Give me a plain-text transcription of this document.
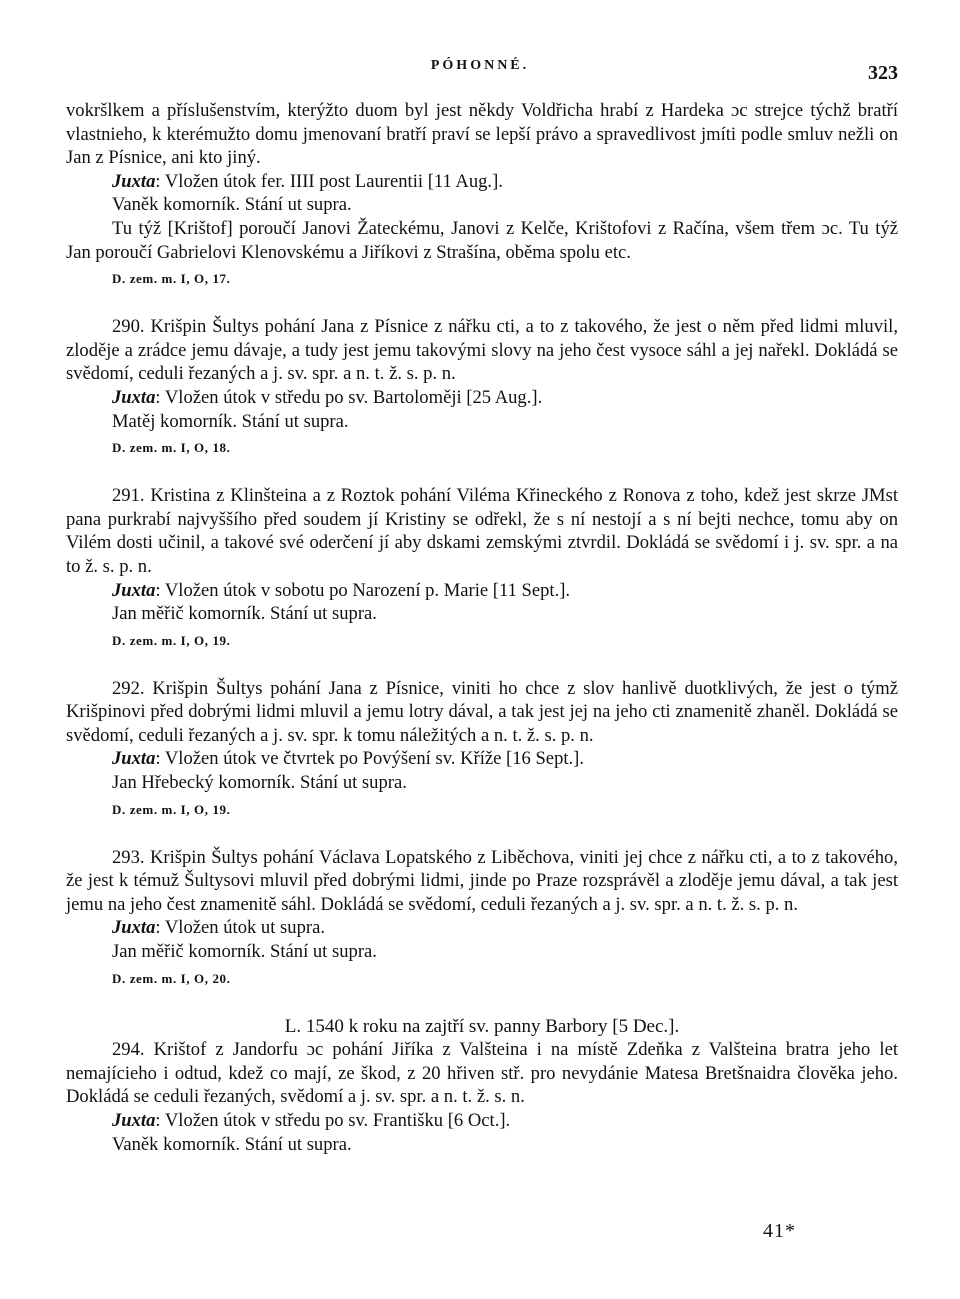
PÓHONNÉ.	323

vokršlkem a příslušenstvím, kterýžto duom byl jest někdy Voldřicha hrabí z Hardeka ɔc strejce týchž bratří vlastnieho, k kterémužto domu jmenovaní bratří praví se lepší právo a spravedlivost jmíti podle smluv nežli on Jan z Písnice, ani kto jiný.

Juxta: Vložen útok fer. IIII post Laurentii [11 Aug.].

Vaněk komorník. Stání ut supra.

Tu týž [Krištof] poroučí Janovi Žateckému, Janovi z Kelče, Krištofovi z Račína, všem třem ɔc. Tu týž Jan poroučí Gabrielovi Klenovskému a Jiříkovi z Strašína, oběma spolu etc.

D. zem. m. I, O, 17.

290. Krišpin Šultys pohání Jana z Písnice z nářku cti, a to z takového, že jest o něm před lidmi mluvil, zloděje a zrádce jemu dávaje, a tudy jest jemu takovými slovy na jeho čest vysoce sáhl a jej nařekl. Dokládá se svědomí, ceduli řezaných a j. sv. spr. a n. t. ž. s. p. n.

Juxta: Vložen útok v středu po sv. Bartoloměji [25 Aug.].

Matěj komorník. Stání ut supra.

D. zem. m. I, O, 18.

291. Kristina z Klinšteina a z Roztok pohání Viléma Křineckého z Ronova z toho, kdež jest skrze JMst pana purkrabí najvyššího před soudem jí Kristiny se odřekl, že s ní nestojí a s ní bejti nechce, tomu aby on Vilém dosti učinil, a takové své oderčení jí aby dskami zemskými ztvrdil. Dokládá se svědomí i j. sv. spr. a na to ž. s. p. n.

Juxta: Vložen útok v sobotu po Narození p. Marie [11 Sept.].

Jan měřič komorník. Stání ut supra.

D. zem. m. I, O, 19.

292. Krišpin Šultys pohání Jana z Písnice, viniti ho chce z slov hanlivě duotklivých, že jest o týmž Krišpinovi před dobrými lidmi mluvil a jemu lotry dával, a tak jest jej na jeho cti znamenitě zhaněl. Dokládá se svědomí, ceduli řezaných a j. sv. spr. k tomu náležitých a n. t. ž. s. p. n.

Juxta: Vložen útok ve čtvrtek po Povýšení sv. Kříže [16 Sept.].

Jan Hřebecký komorník. Stání ut supra.

D. zem. m. I, O, 19.

293. Krišpin Šultys pohání Václava Lopatského z Liběchova, viniti jej chce z nářku cti, a to z takového, že jest k témuž Šultysovi mluvil před dobrými lidmi, jinde po Praze rozsprávěl a zloděje jemu dával, a tak jest jemu na jeho čest znamenitě sáhl. Dokládá se svědomí, ceduli řezaných a j. sv. spr. a n. t. ž. s. p. n.

Juxta: Vložen útok ut supra.

Jan měřič komorník. Stání ut supra.

D. zem. m. I, O, 20.

L. 1540 k roku na zajtří sv. panny Barbory [5 Dec.].

294. Krištof z Jandorfu ɔc pohání Jiříka z Valšteina i na místě Zdeňka z Valšteina bratra jeho let nemajícieho i odtud, kdež co mají, ze škod, z 20 hřiven stř. pro nevydánie Matesa Bretšnaidra člověka jeho. Dokládá se ceduli řezaných, svědomí a j. sv. spr. a n. t. ž. s. n.

Juxta: Vložen útok v středu po sv. Františku [6 Oct.].

Vaněk komorník. Stání ut supra.

41*
